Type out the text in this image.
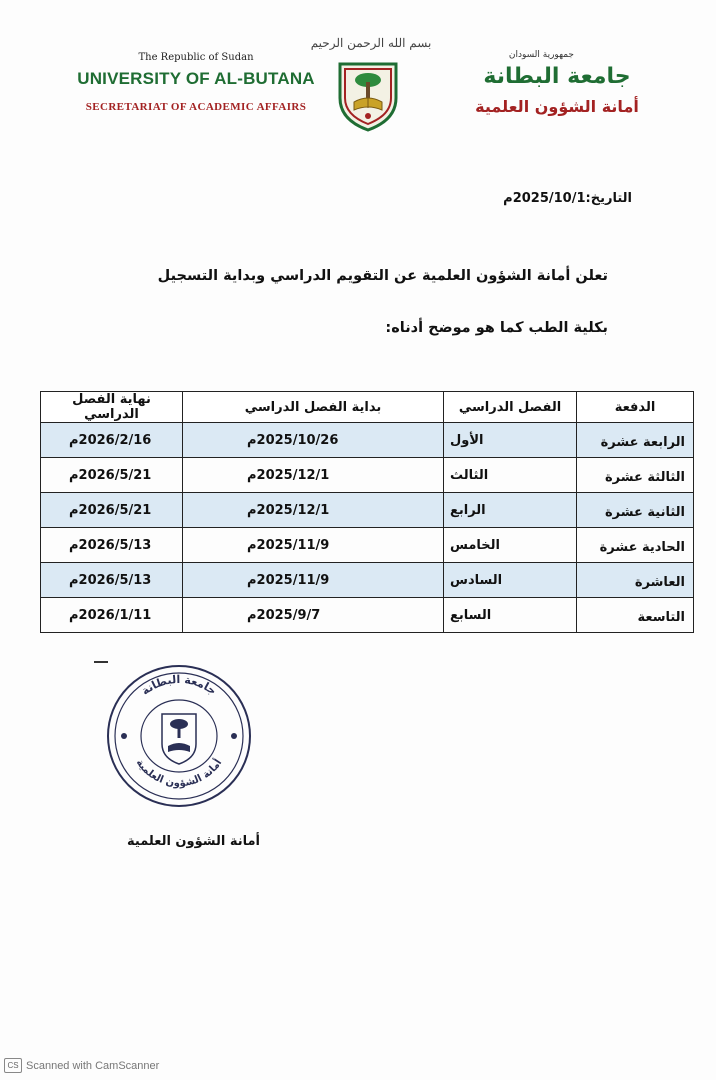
The Republic of Sudan
UNIVERSITY OF AL-BUTANA
SECRETARIAT OF ACADEMIC AFFAIRS
بسم الله الرحمن الرحيم
جمهورية السودان
جامعة البطانة
أمانة الشؤون العلمية
التاريخ:2025/10/1م
تعلن أمانة الشؤون العلمية عن التقويم الدراسي وبداية التسجيل
بكلية الطب كما هو موضح أدناه:
الدفعة	الفصل الدراسي	بداية الفصل الدراسي	نهاية الفصل الدراسي
الرابعة عشرة	الأول	2025/10/26م	2026/2/16م
الثالثة عشرة	الثالث	2025/12/1م	2026/5/21م
الثانية عشرة	الرابع	2025/12/1م	2026/5/21م
الحادية عشرة	الخامس	2025/11/9م	2026/5/13م
العاشرة	السادس	2025/11/9م	2026/5/13م
التاسعة	السابع	2025/9/7م	2026/1/11م
جامعة البطانة
أمانة الشؤون العلمية
أمانة الشؤون العلمية
CS Scanned with CamScanner
